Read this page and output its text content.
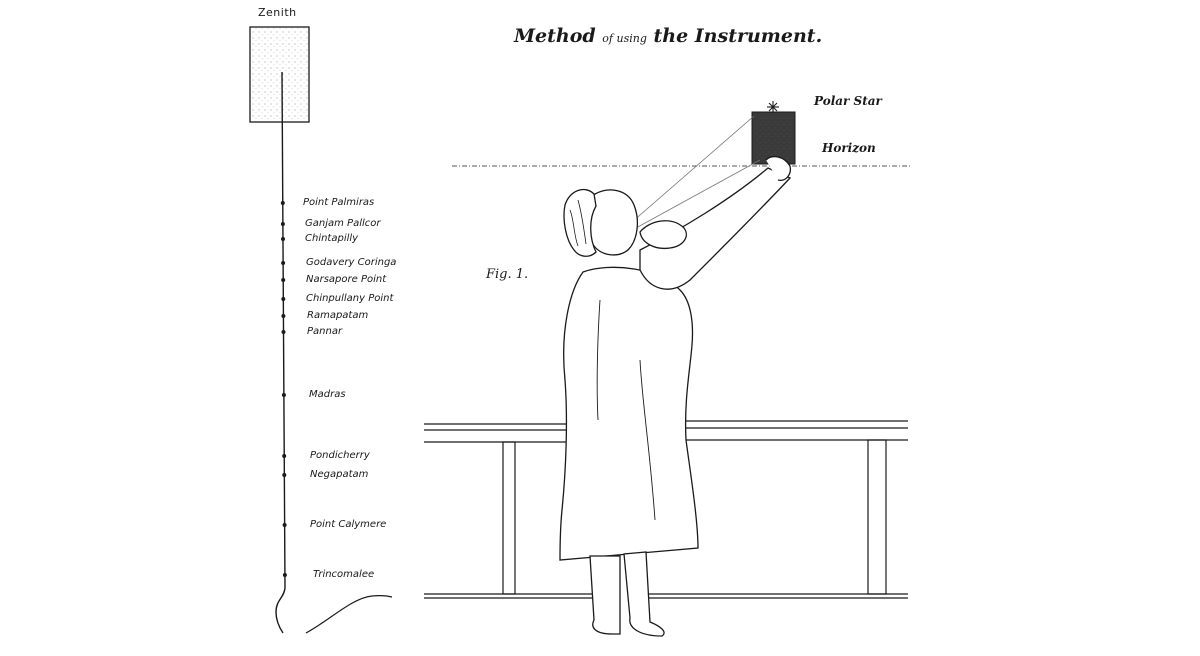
Method of using the Instrument.
Polar Star
Horizon
Fig. 1.
Zenith
Point Palmiras
Ganjam Pallcor
Chintapilly
Godavery Coringa
Narsapore Point
Chinpullany Point
Ramapatam
Pannar
Madras
Pondicherry
Negapatam
Point Calymere
Trincomalee
